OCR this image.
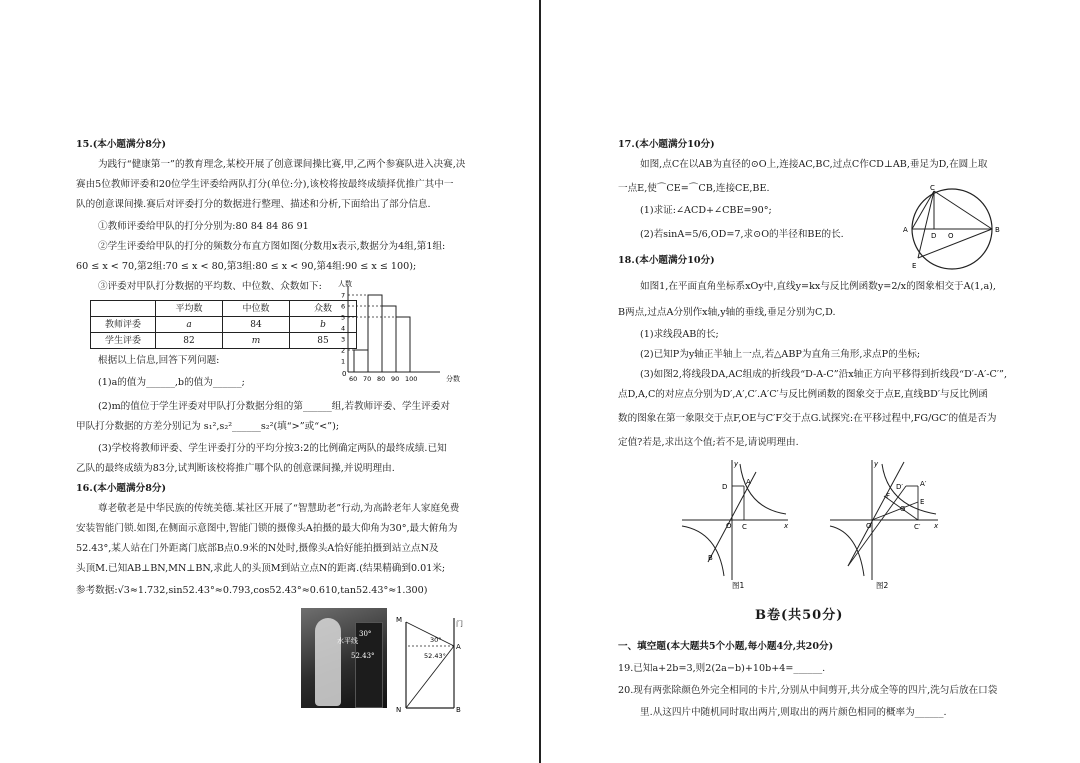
15.(本小题满分8分)
为践行“健康第一”的教育理念,某校开展了创意课间操比赛,甲,乙两个参赛队进入决赛,决
赛由5位教师评委和20位学生评委给两队打分(单位:分),该校将按最终成绩择优推广其中一
队的创意课间操.赛后对评委打分的数据进行整理、描述和分析,下面给出了部分信息.
①教师评委给甲队的打分分别为:80 84 84 86 91
②学生评委给甲队的打分的频数分布直方图如图(分数用x表示,数据分为4组,第1组:
60 ≤ x < 70,第2组:70 ≤ x < 80,第3组:80 ≤ x < 90,第4组:90 ≤ x ≤ 100);
③评委对甲队打分数据的平均数、中位数、众数如下:
	平均数	中位数	众数
教师评委	a	84	b
学生评委	82	m	85
1
2
3
4
5
6
7
60 70 80 90 100
人数
分数
0
根据以上信息,回答下列问题:
(1)a的值为______,b的值为______;
(2)m的值位于学生评委对甲队打分数据分组的第______组,若教师评委、学生评委对
甲队打分数据的方差分别记为 s₁²,s₂²______s₂²(填“>”或“<”);
(3)学校将教师评委、学生评委打分的平均分按3:2的比例确定两队的最终成绩.已知
乙队的最终成绩为83分,试判断该校将推广哪个队的创意课间操,并说明理由.
16.(本小题满分8分)
尊老敬老是中华民族的传统美德.某社区开展了“智慧助老”行动,为高龄老年人家庭免费
安装智能门锁.如图,在侧面示意图中,智能门锁的摄像头A拍摄的最大仰角为30°,最大俯角为
52.43°,某人站在门外距离门底部B点0.9米的N处时,摄像头A恰好能拍摄到站立点N及
头顶M.已知AB⊥BN,MN⊥BN,求此人的头顶M到站立点N的距离.(结果精确到0.01米;
参考数据:√3≈1.732,sin52.43°≈0.793,cos52.43°≈0.610,tan52.43°≈1.300)
水平线
30°
52.43°
M	门
A
N	B
30°
52.43°
17.(本小题满分10分)
如图,点C在以AB为直径的⊙O上,连接AC,BC,过点C作CD⊥AB,垂足为D,在圆上取
一点E,使⌒CE=⌒CB,连接CE,BE.
(1)求证:∠ACD+∠CBE=90°;
(2)若sinA=5/6,OD=7,求⊙O的半径和BE的长.
18.(本小题满分10分)
如图1,在平面直角坐标系xOy中,直线y=kx与反比例函数y=2/x的图象相交于A(1,a),
B两点,过点A分别作x轴,y轴的垂线,垂足分别为C,D.
(1)求线段AB的长;
(2)已知P为y轴正半轴上一点,若△ABP为直角三角形,求点P的坐标;
(3)如图2,将线段DA,AC组成的折线段“D-A-C”沿x轴正方向平移得到折线段“D′-A′-C′”,
点D,A,C的对应点分别为D′,A′,C′.A′C′与反比例函数的图象交于点E,直线BD′与反比例函
数的图象在第一象限交于点F,OE与C′F交于点G.试探究:在平移过程中,FG/GC′的值是否为
定值?若是,求出这个值;若不是,请说明理由.
C
A	B
D O
E
y
x
O
A
B
C
D
图1
y
x
O
D′ A′
F
G
E
C′
图2
B卷(共50分)
一、填空题(本大题共5个小题,每小题4分,共20分)
19.已知a+2b=3,则2(2a−b)+10b+4=______.
20.现有两张除颜色外完全相同的卡片,分别从中间剪开,共分成全等的四片,洗匀后放在口袋
里.从这四片中随机同时取出两片,则取出的两片颜色相同的概率为______.
